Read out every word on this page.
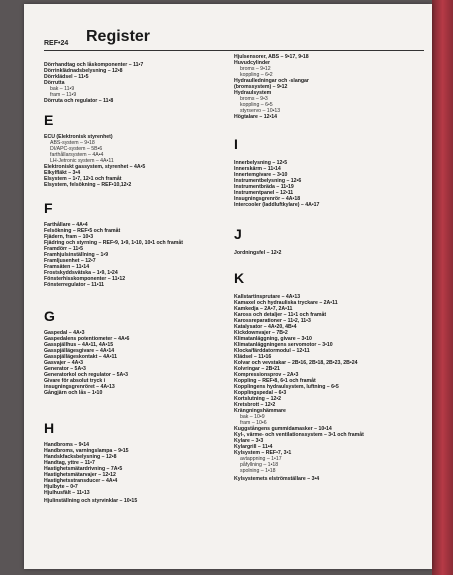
REF•24 Register
Dörrhandtag och låskomponenter – 11•7
Dörrinklädnadsbelysning – 12•8
Dörrklädsel – 11•5
Dörrutta
bak – 11•9
fram – 11•9
Dörruta och regulator – 11•8
E
ECU (Elektronisk styrenhet)
ABS-system – 9•18
DI/APC-system – 5B•6
farthållarsystem – 4A•4
LH-Jetronic system – 4A•11
Elektroniskt gassystem, styrenhet – 4A•5
Elkylfläkt – 3•4
Elsystem – 1•7, 12•1 och framåt
Elsystem, felsökning – REF•10,12•2
F
Farthållare – 4A•4
Felsökning – REF•5 och framåt
Fjädern, fram – 10•3
Fjädring och styrning – REF•9, 1•9, 1•10, 10•1 och framåt
Framdörr – 11•5
Framhjulsinställning – 1•9
Framljusenhet – 12•7
Framsäten – 11•14
Frostskyddsvätska – 1•9, 1•24
Fönsterhisskomponenter – 11•12
Fönsterregulator – 11•11
G
Gaspedal – 4A•3
Gaspedalens potentiometer – 4A•6
Gasspjällhus – 4A•11, 4A•15
Gasspjällägesgivare – 4A•14
Gasspjällägeskontakt – 4A•11
Gasvajer – 4A•3
Generator – 5A•3
Generatorkol och regulator – 5A•3
Givare för absolut tryck i
insugningsgrenröret – 4A•13
Gångjärn och lås – 1•10
H
Handbroms – 9•14
Handbroms, varningslampa – 9•15
Handskfacksbelysning – 12•8
Handtag, yttre – 11•7
Hastighetsmätardrivning – 7A•5
Hastighetsmätarvajer – 12•12
Hastighetsstransducer – 4A•4
Hjulbyte – 0•7
Hjulhusfält – 11•13
Hjulinställning och styrvinklar – 10•15
Hjulsensorer, ABS – 9•17, 9•18
Huvudcylinder
broms – 9•12
koppling – 6•2
Hydraulledningar och -slangar
(bromssystem) – 9•12
Hydraulsystem
broms – 9•3
koppling – 6•5
styrservo – 10•13
Högtalare – 12•14
I
Innerbelysning – 12•5
Innerskärm – 11•14
Innertemgivare – 3•10
Instrumentbelysning – 12•6
Instrumentbräda – 11•19
Instrumentpanel – 12•11
Insugningsgrenrör – 4A•18
Intercooler (laddluftkylare) – 4A•17
J
Jordningsfel – 12•2
K
Kallstartinsprutare – 4A•13
Kamaxel och hydrauliska tryckare – 2A•11
Kamkedja – 2A•7, 2A•11
Kaross och detaljer – 11•1 och framåt
Karossreparationer – 11•2, 11•3
Katalysator – 4A•20, 4B•4
Kickdownvajer – 7B•2
Klimatanläggning, givare – 3•10
Klimatanläggningens servomotor – 3•10
Klocka/färddatormodul – 12•11
Klädsel – 11•16
Kolvar och vevstakar – 2B•16, 2B•18, 2B•23, 2B•24
Kolvringar – 2B•21
Kompressionsprov – 2A•3
Koppling – REF•8, 6•1 och framåt
Kopplingens hydraulsystem, luftning – 6•5
Kopplingspedal – 6•3
Kortslutning – 12•2
Kretsbrott – 12•2
Krängningshämmare
bak – 10•9
fram – 10•6
Kuggstångens gummidamasker – 10•14
Kyl-, värme- och ventilationssystem – 3•1 och framåt
Kylare – 3•3
Kylargrill – 11•4
Kylsystem – REF•7, 3•1
avtappning – 1•17
påfyllning – 1•18
spolning – 1•18
Kylsystemets elströmställare – 3•4
